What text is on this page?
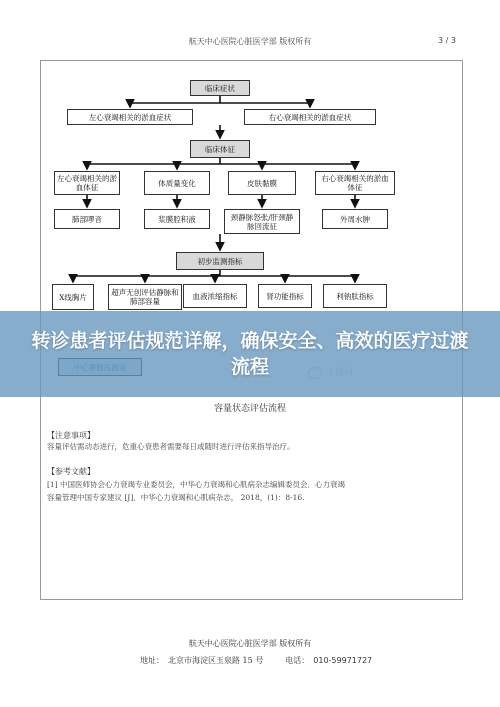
航天中心医院心脏医学部 版权所有	3 / 3
临床症状
左心衰竭相关的淤血症状	右心衰竭相关的淤血症状
临床体征
左心衰竭相关的淤血体征	体质量变化	皮肤黏膜	右心衰竭相关的淤血体征
肺部啰音	浆膜腔积液	颈静脉怒张/肝颈静脉回流征
外周水肿
初步监测指标
X线胸片	超声无创评估静脉和肺部容量
血液浓缩指标	肾功能指标	利钠肽指标
转诊患者评估规范详解，确保安全、高效的医疗过渡流程
容量状态评估流程
【注意事项】
容量评估需动态进行，危重心衰患者需要每日或随时进行评估来指导治疗。
【参考文献】
[1] 中国医师协会心力衰竭专业委员会，中华心力衰竭和心肌病杂志编辑委员会．心力衰竭
容量管理中国专家建议 [J]．中华心力衰竭和心肌病杂志， 2018，(1)：8-16.
航天中心医院心脏医学部 版权所有
地址： 北京市海淀区玉泉路 15 号	电话： 010-59971727
